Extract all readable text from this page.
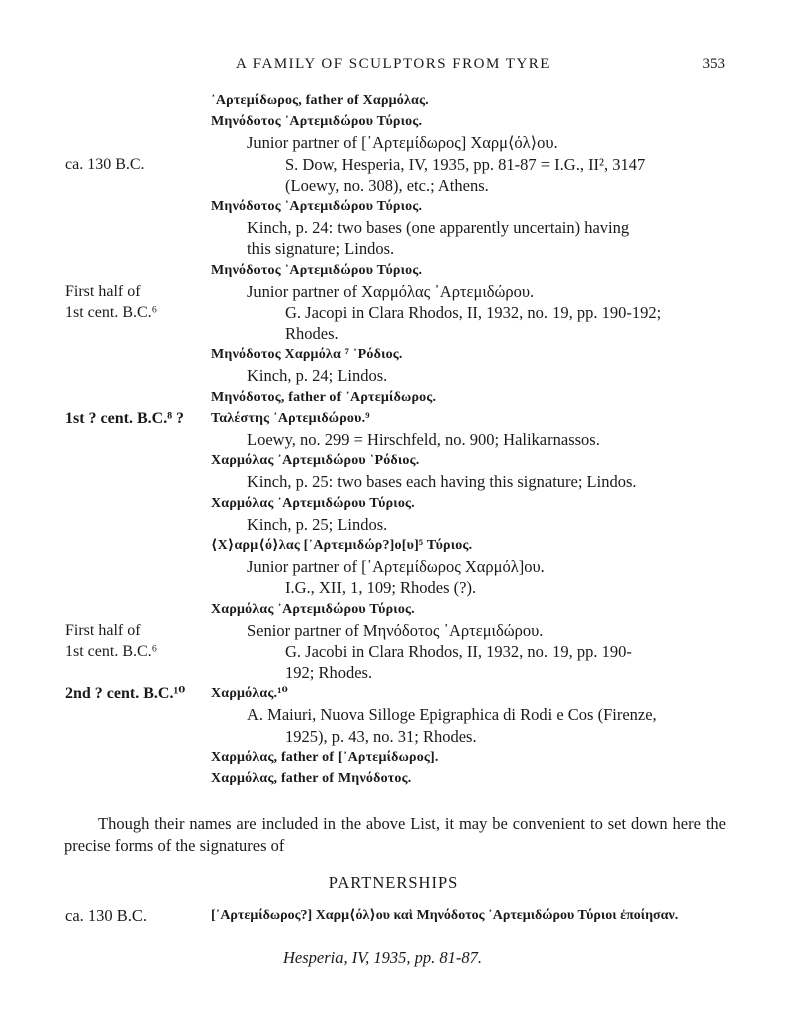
A FAMILY OF SCULPTORS FROM TYRE	353
᾿Αρτεμίδωρος, father of Χαρμόλας.
Μηνόδοτος ᾿Αρτεμιδώρου Τύριος.
Junior partner of [᾿Αρτεμίδωρος] Χαρμ⟨όλ⟩ου.
ca. 130 B.C.	S. Dow, Hesperia, IV, 1935, pp. 81-87 = I.G., II², 3147
(Loewy, no. 308), etc.; Athens.
Μηνόδοτος ᾿Αρτεμιδώρου Τύριος.
Kinch, p. 24: two bases (one apparently uncertain) having
this signature; Lindos.
Μηνόδοτος ᾿Αρτεμιδώρου Τύριος.
First half of	Junior partner of Χαρμόλας ᾿Αρτεμιδώρου.
1st cent. B.C.⁶	G. Jacopi in Clara Rhodos, II, 1932, no. 19, pp. 190-192;
Rhodes.
Μηνόδοτος Χαρμόλα ⁷ ῾Ρόδιος.
Kinch, p. 24; Lindos.
Μηνόδοτος, father of ᾿Αρτεμίδωρος.
1st ? cent. B.C.⁸ ? Ταλέστης ᾿Αρτεμιδώρου.⁹
Loewy, no. 299 = Hirschfeld, no. 900; Halikarnassos.
Χαρμόλας ᾿Αρτεμιδώρου ῾Ρόδιος.
Kinch, p. 25: two bases each having this signature; Lindos.
Χαρμόλας ᾿Αρτεμιδώρου Τύριος.
Kinch, p. 25; Lindos.
⟨Χ⟩αρμ⟨ό⟩λας [᾿Αρτεμιδώρ?]ο[υ]⁵ Τύριος.
Junior partner of [᾿Αρτεμίδωρος Χαρμόλ]ου.
I.G., XII, 1, 109; Rhodes (?).
Χαρμόλας ᾿Αρτεμιδώρου Τύριος.
First half of	Senior partner of Μηνόδοτος ᾿Αρτεμιδώρου.
1st cent. B.C.⁶	G. Jacobi in Clara Rhodos, II, 1932, no. 19, pp. 190-
192; Rhodes.
2nd ? cent. B.C.¹⁰ Χαρμόλας.¹⁰
A. Maiuri, Nuova Silloge Epigraphica di Rodi e Cos (Firenze,
1925), p. 43, no. 31; Rhodes.
Χαρμόλας, father of [᾿Αρτεμίδωρος].
Χαρμόλας, father of Μηνόδοτος.

Though their names are included in the above List, it may be convenient to set down here the precise forms of the signatures of

PARTNERSHIPS
ca. 130 B.C.	[᾿Αρτεμίδωρος?] Χαρμ⟨όλ⟩ου καὶ Μηνόδοτος ᾿Αρτεμιδώρου Τύριοι ἐποίησαν.
Hesperia, IV, 1935, pp. 81-87.
